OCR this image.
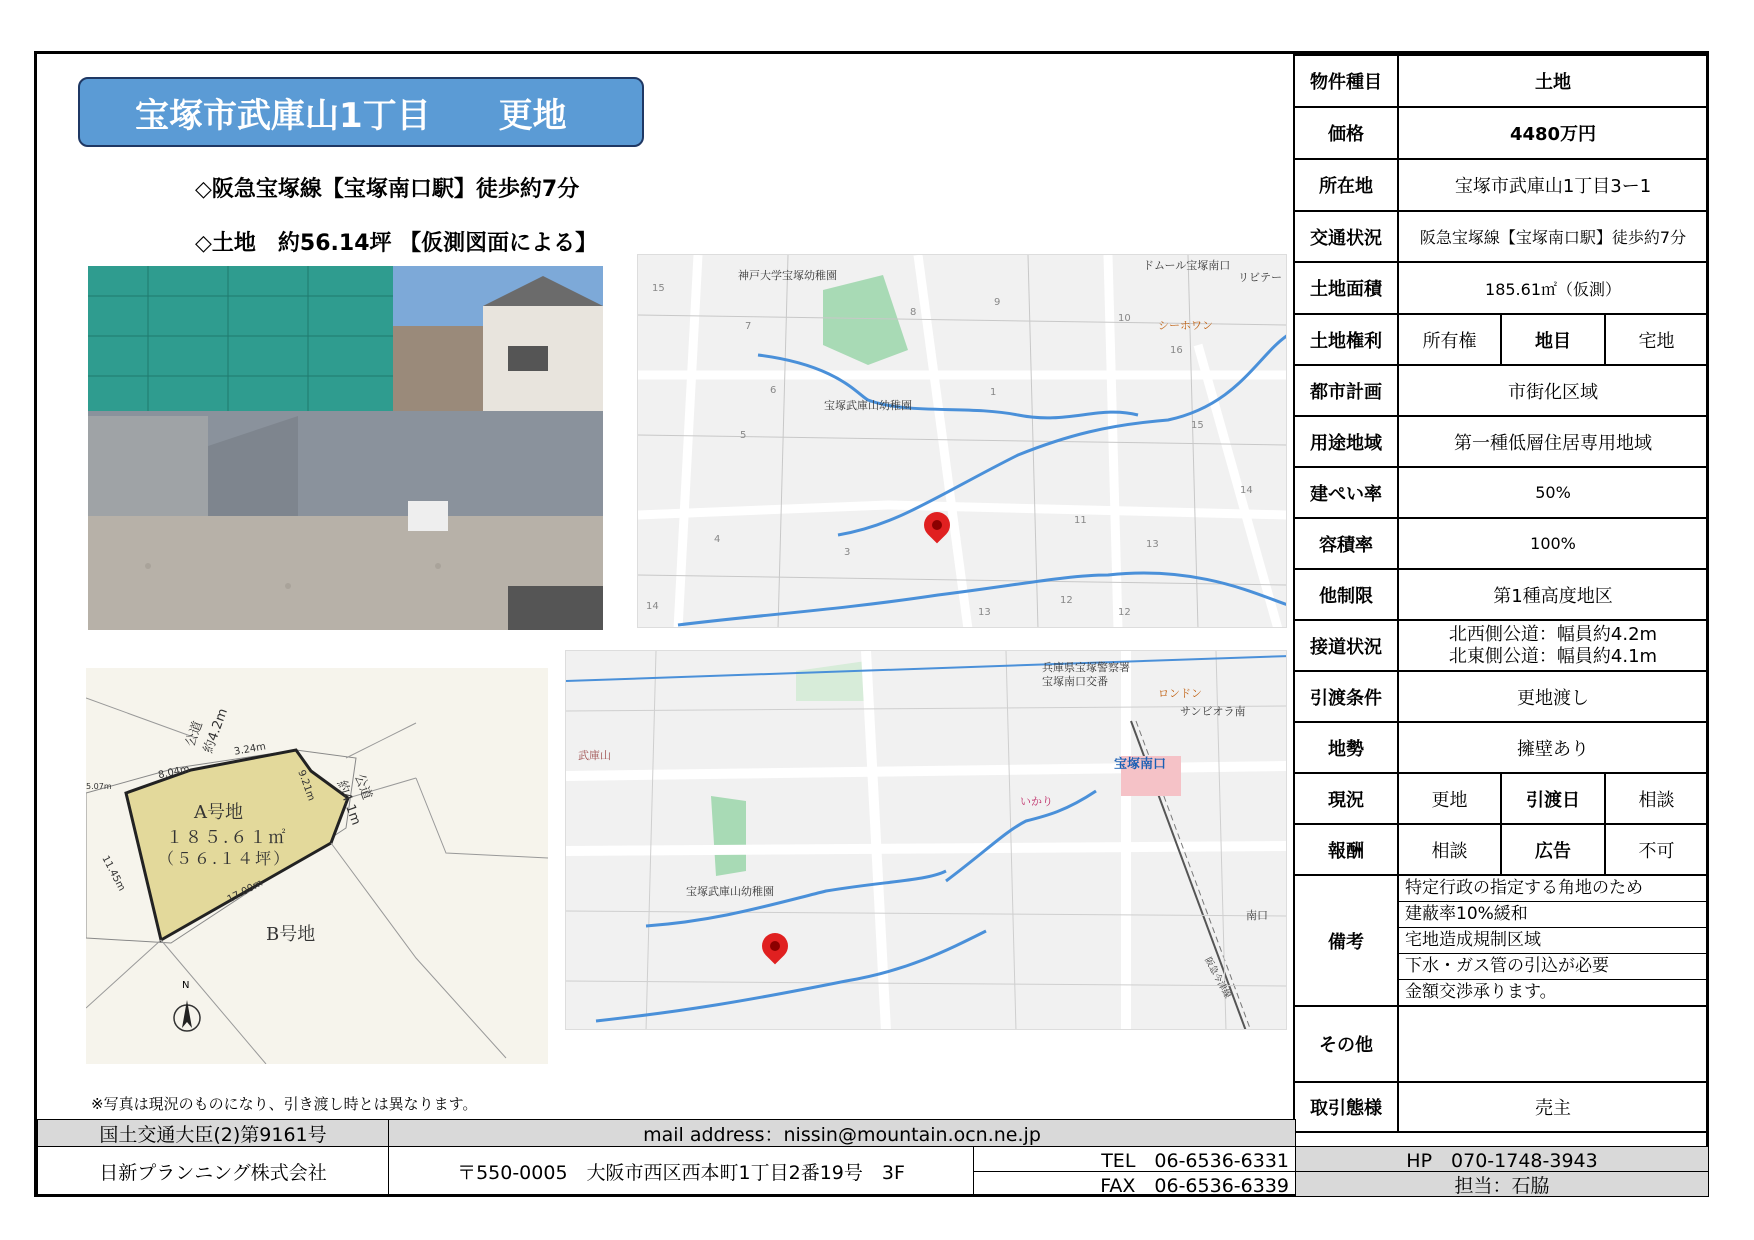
宝塚市武庫山1丁目
　　 更地
◇阪急宝塚線【宝塚南口駅】徒歩約7分
◇土地　約56.14坪 【仮測図面による】
神戸大学宝塚幼稚園
宝塚武庫山幼稚園
シーホワン
ドムール宝塚南口
リビテー
15
7
8
9
10
16
6	1
5
15
4
3
14
11
13
13
12
12
14
兵庫県宝塚警察署
宝塚南口交番
ロンドン
サンビオラ南
武庫山
宝塚南口
いかり
宝塚武庫山幼稚園
南口
阪急今津線
A号地
１８５.６１㎡
（５６.１４坪）
B号地
公道
約4.2m
公道
約4.1m
3.24m
8.04m	9.21m
11.45m	17.00m
5.07m
N
※写真は現況のものになり、引き渡し時とは異なります。
物件種目	土地		
価格	4480万円		
所在地	宝塚市武庫山1丁目3ー1		
交通状況	阪急宝塚線【宝塚南口駅】徒歩約7分		
土地面積	185.61㎡（仮測）		
土地権利	所有権	地目	宅地
都市計画	市街化区域		
用途地域	第一種低層住居専用地域		
建ぺい率	50%		
容積率	100%		
他制限	第1種高度地区		
接道状況	北西側公道：幅員約4.2m
北東側公道：幅員約4.1m		

引渡条件	更地渡し		
地勢	擁壁あり		
現況	更地	引渡日	相談
報酬	相談	広告	不可
備考	特定行政の指定する角地のため
建蔽率10%緩和
宅地造成規制区域
下水・ガス管の引込が必要
金額交渉承ります。		

その他			
取引態様	売主		
国土交通大臣(2)第9161号	mail address：nissin@mountain.ocn.ne.jp
日新プランニング株式会社	〒550-0005　大阪市西区西本町1丁目2番19号　3F
TEL　06-6536-6331
FAX　06-6536-6339
HP　070-1748-3943
担当：石脇
